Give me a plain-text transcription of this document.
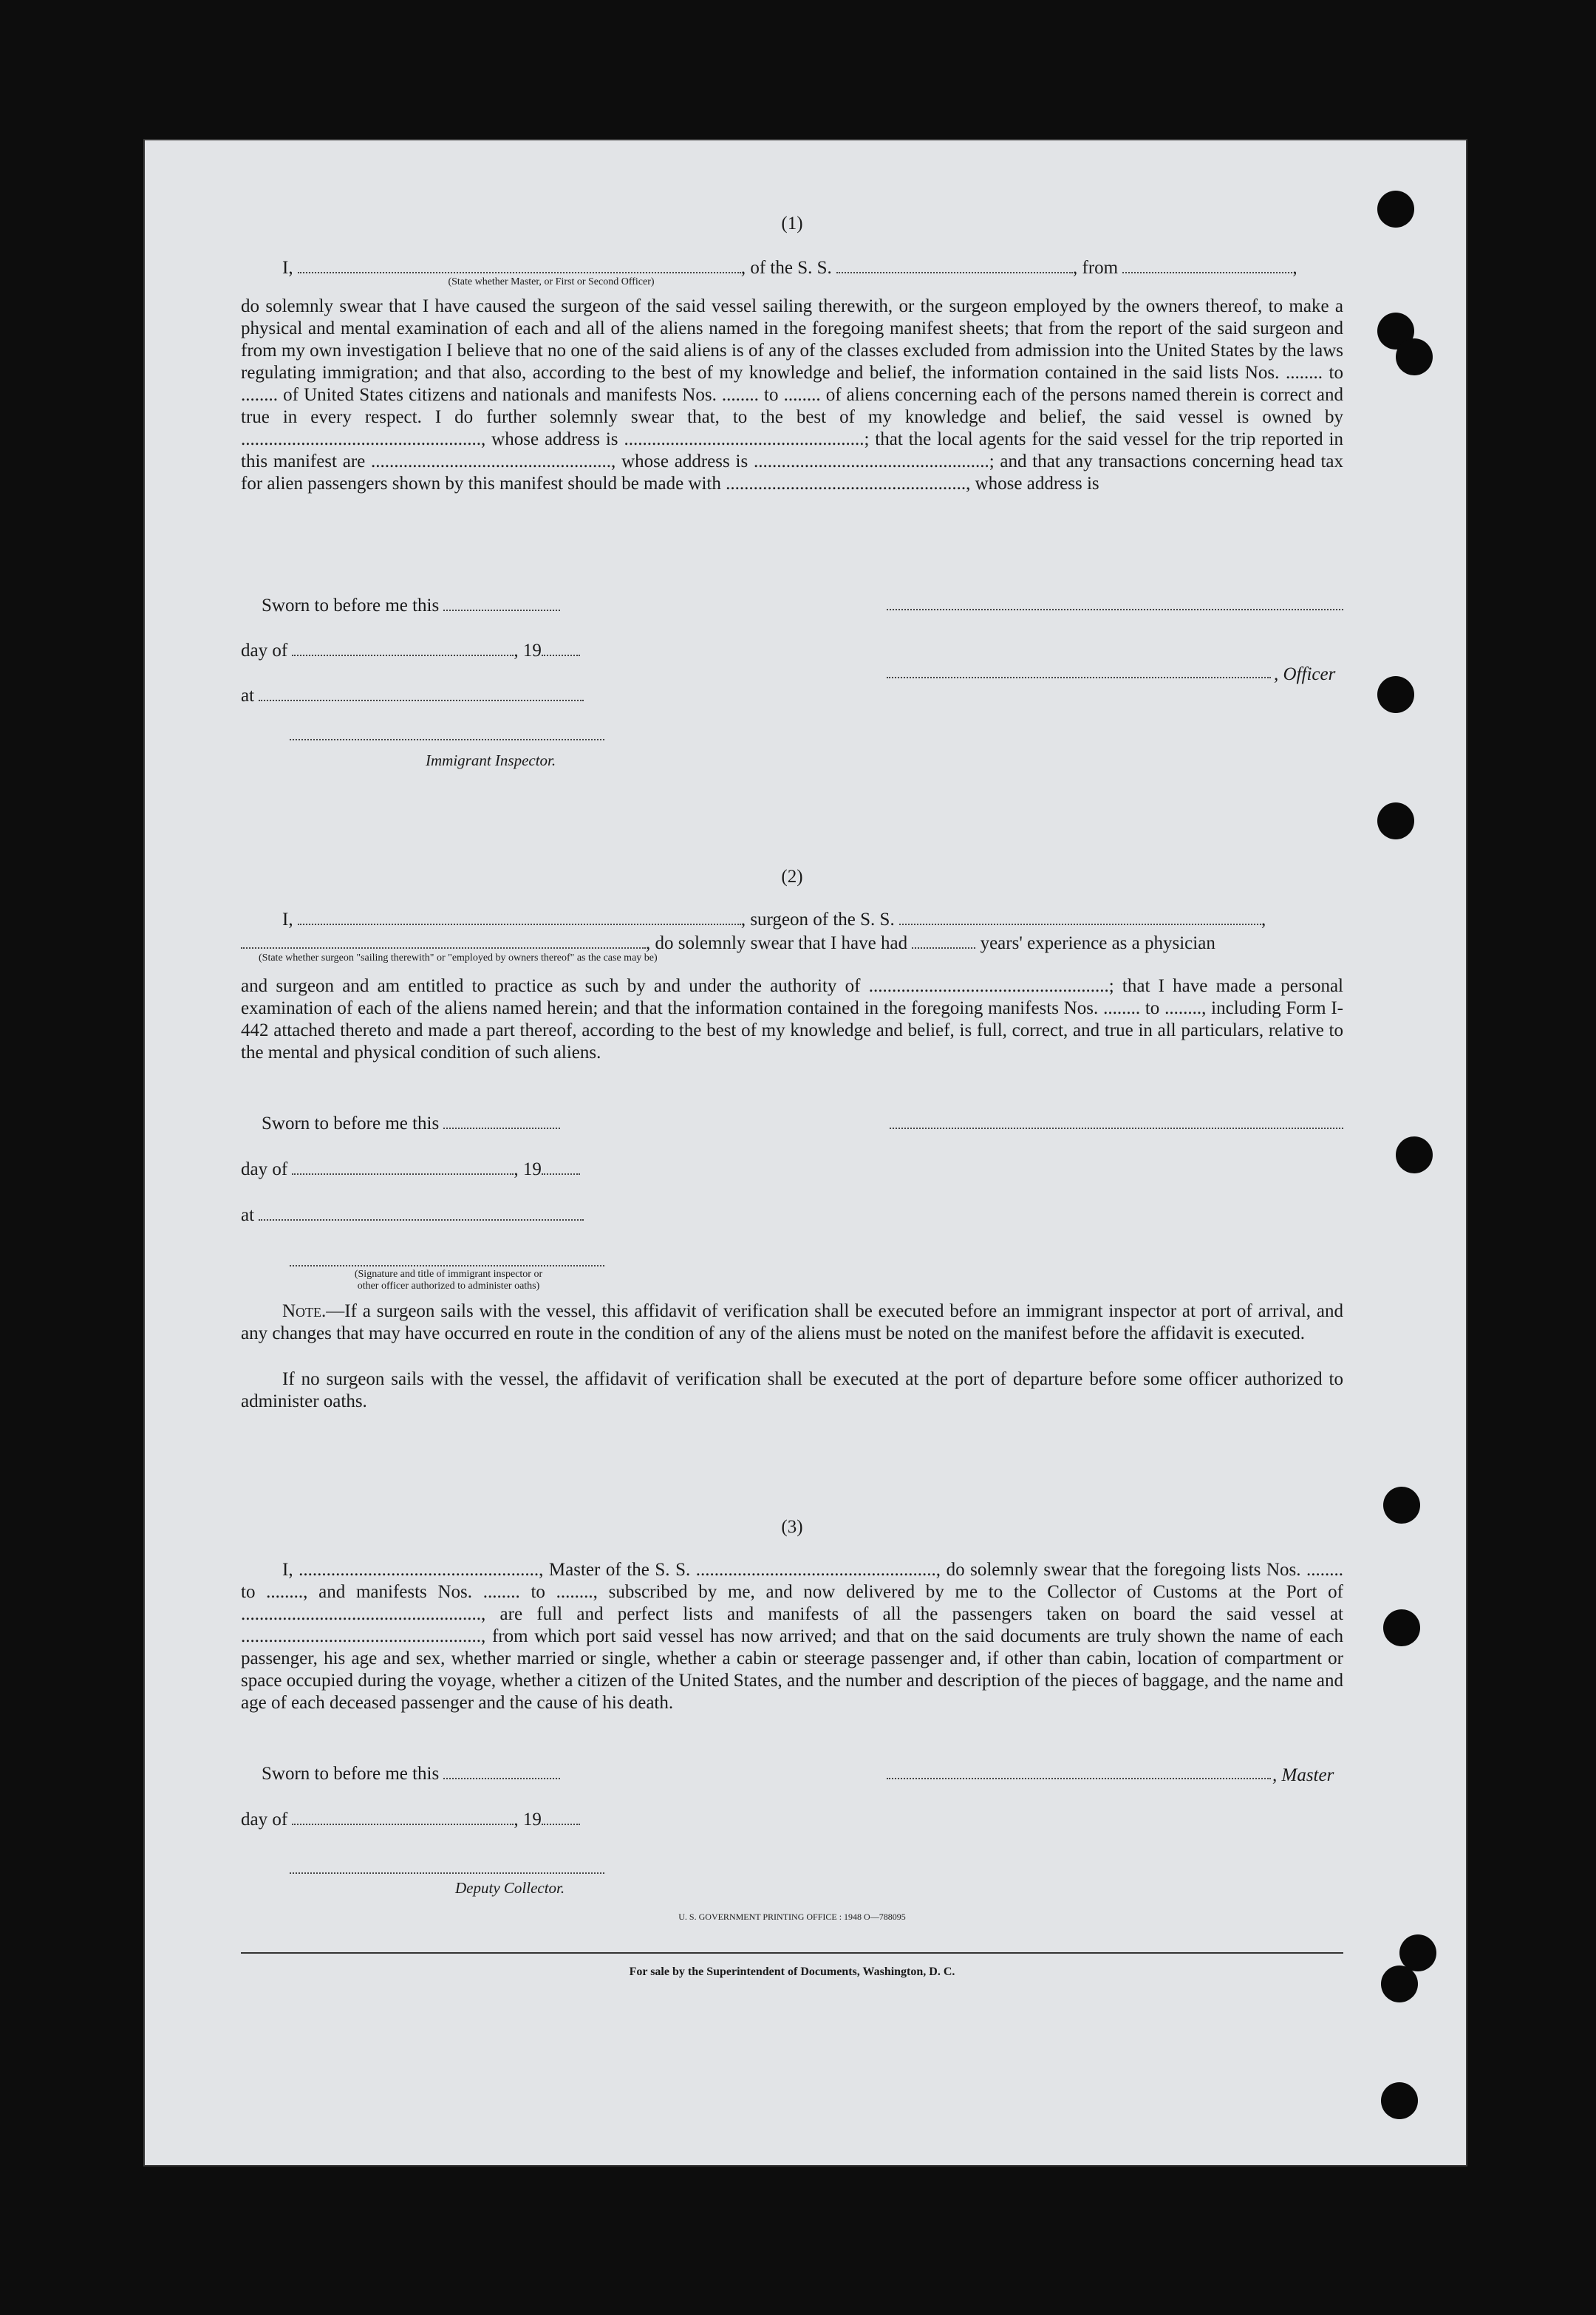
(1)
I,	, of the S. S.	, from	,
(State whether Master, or First or Second Officer)
do solemnly swear that I have caused the surgeon of the said vessel sailing therewith, or the surgeon employed by the owners thereof, to make a physical and mental examination of each and all of the aliens named in the foregoing manifest sheets; that from the report of the said surgeon and from my own investigation I believe that no one of the said aliens is of any of the classes excluded from admission into the United States by the laws regulating immigration; and that also, according to the best of my knowledge and belief, the information contained in the said lists Nos. ........ to ........ of United States citizens and nationals and manifests Nos. ........ to ........ of aliens concerning each of the persons named therein is correct and true in every respect. I do further solemnly swear that, to the best of my knowledge and belief, the said vessel is owned by ...................................................., whose address is ....................................................; that the local agents for the said vessel for the trip reported in this manifest are ...................................................., whose address is ...................................................; and that any transactions concerning head tax for alien passengers shown by this manifest should be made with ...................................................., whose address is
Sworn to before me this
day of	, 19
, Officer
at
Immigrant Inspector.
(2)
I,	, surgeon of the S. S.	,
, do solemnly swear that I have had	years' experience as a physician
(State whether surgeon "sailing therewith" or "employed by owners thereof" as the case may be)
and surgeon and am entitled to practice as such by and under the authority of ....................................................; that I have made a personal examination of each of the aliens named herein; and that the information contained in the foregoing manifests Nos. ........ to ........, including Form I-442 attached thereto and made a part thereof, according to the best of my knowledge and belief, is full, correct, and true in all particulars, relative to the mental and physical condition of such aliens.
Sworn to before me this
day of	, 19
at
(Signature and title of immigrant inspector or
other officer authorized to administer oaths)
Note.—If a surgeon sails with the vessel, this affidavit of verification shall be executed before an immigrant inspector at port of arrival, and any changes that may have occurred en route in the condition of any of the aliens must be noted on the manifest before the affidavit is executed.
If no surgeon sails with the vessel, the affidavit of verification shall be executed at the port of departure before some officer authorized to administer oaths.
(3)
I, ...................................................., Master of the S. S. ...................................................., do solemnly swear that the foregoing lists Nos. ........ to ........, and manifests Nos. ........ to ........, subscribed by me, and now delivered by me to the Collector of Customs at the Port of ...................................................., are full and perfect lists and manifests of all the passengers taken on board the said vessel at ...................................................., from which port said vessel has now arrived; and that on the said documents are truly shown the name of each passenger, his age and sex, whether married or single, whether a cabin or steerage passenger and, if other than cabin, location of compartment or space occupied during the voyage, whether a citizen of the United States, and the number and description of the pieces of baggage, and the name and age of each deceased passenger and the cause of his death.
Sworn to before me this	, Master
day of	, 19
Deputy Collector.
U. S. GOVERNMENT PRINTING OFFICE : 1948 O—788095
For sale by the Superintendent of Documents, Washington, D. C.
